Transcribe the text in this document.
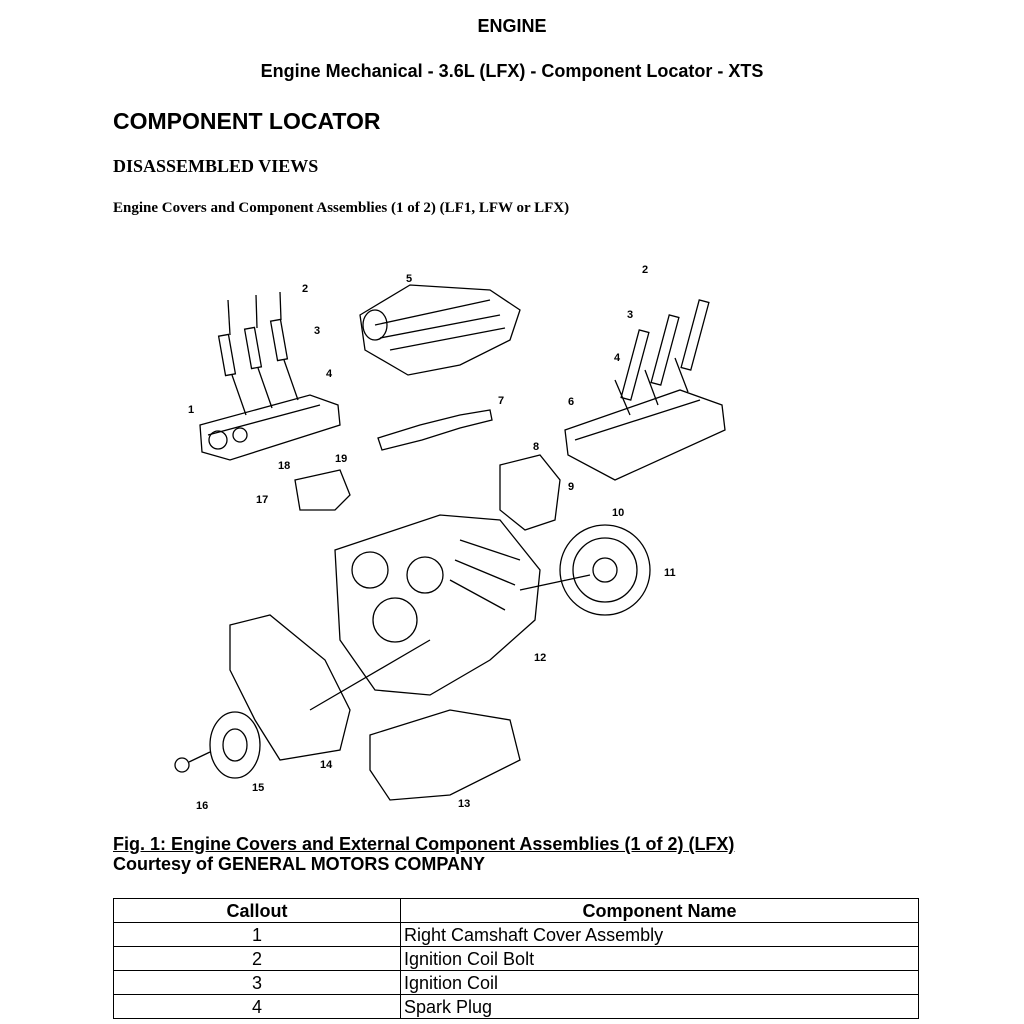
ENGINE
Engine Mechanical - 3.6L (LFX) - Component Locator - XTS
COMPONENT LOCATOR
DISASSEMBLED VIEWS
Engine Covers and Component Assemblies (1 of 2) (LF1, LFW or LFX)
1
2
3
4
5
6
7
8
9
10
11
12
13
14
15
16
17
18
19
2
3
4
Fig. 1: Engine Covers and External Component Assemblies (1 of 2) (LFX)
Courtesy of GENERAL MOTORS COMPANY
Callout	Component Name
1	Right Camshaft Cover Assembly
2	Ignition Coil Bolt
3	Ignition Coil
4	Spark Plug
